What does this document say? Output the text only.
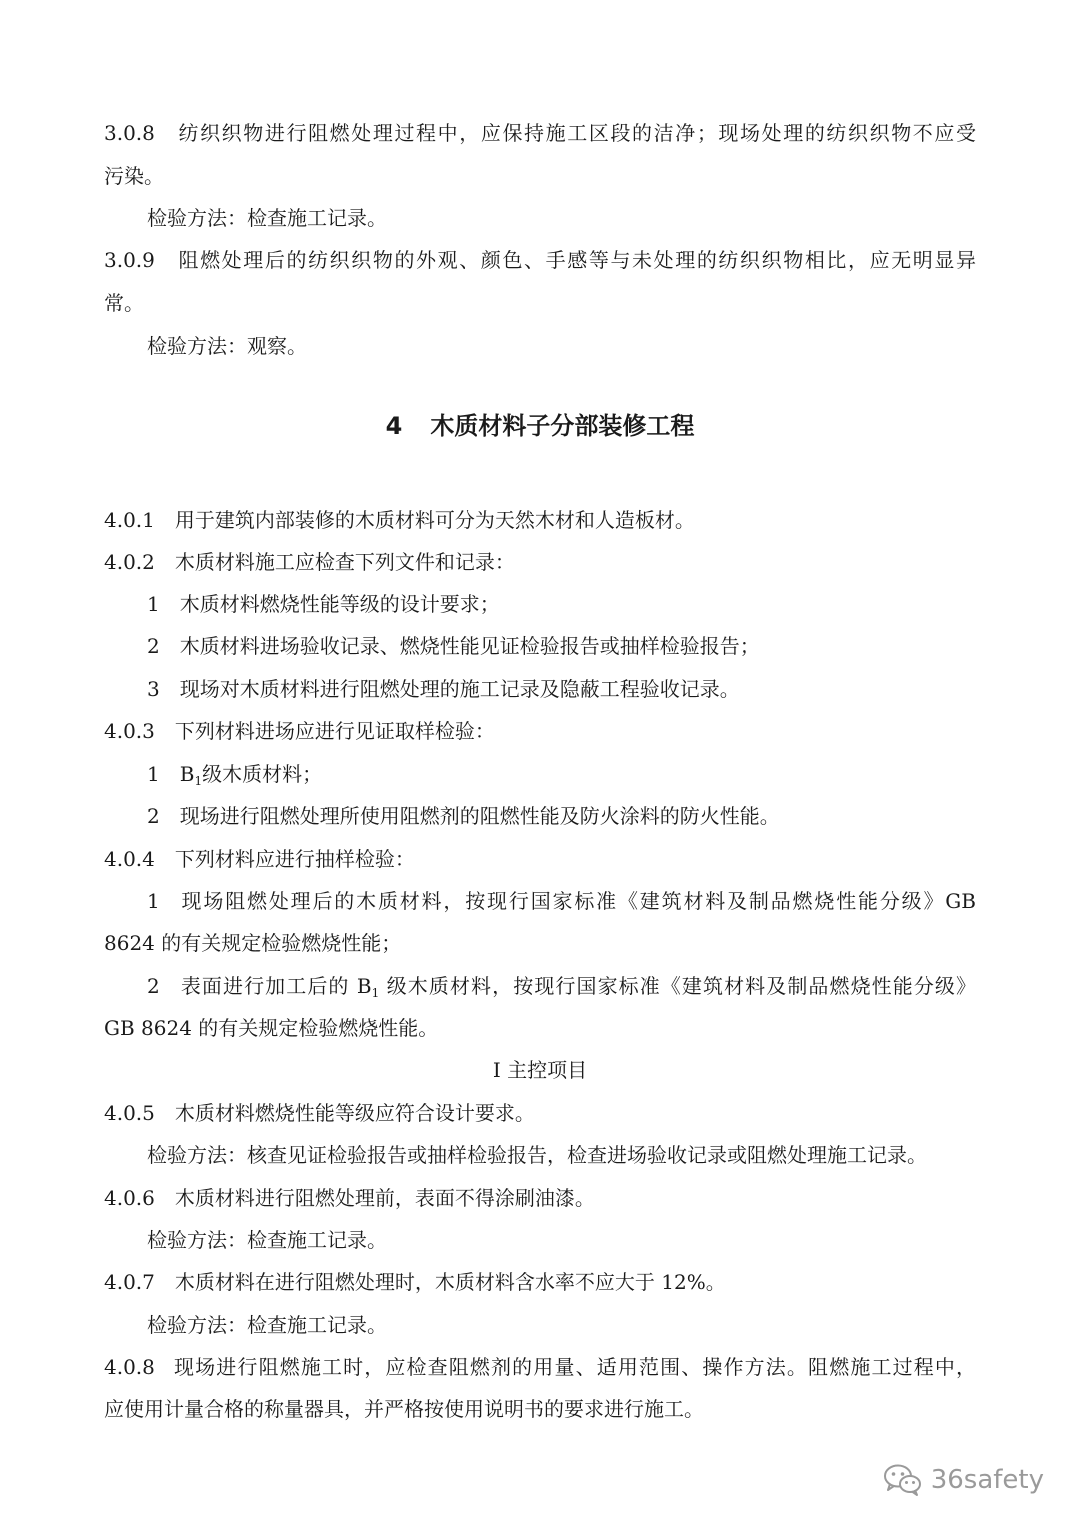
3.0.8 纺织织物进行阻燃处理过程中，应保持施工区段的洁净；现场处理的纺织织物不应受
污染。
检验方法：检查施工记录。
3.0.9 阻燃处理后的纺织织物的外观、颜色、手感等与未处理的纺织织物相比，应无明显异
常。
检验方法：观察。
4 木质材料子分部装修工程
4.0.1 用于建筑内部装修的木质材料可分为天然木材和人造板材。
4.0.2 木质材料施工应检查下列文件和记录：
1 木质材料燃烧性能等级的设计要求；
2 木质材料进场验收记录、燃烧性能见证检验报告或抽样检验报告；
3 现场对木质材料进行阻燃处理的施工记录及隐蔽工程验收记录。
4.0.3 下列材料进场应进行见证取样检验：
1 $B_1$级木质材料；
2 现场进行阻燃处理所使用阻燃剂的阻燃性能及防火涂料的防火性能。
4.0.4 下列材料应进行抽样检验：
1 现场阻燃处理后的木质材料，按现行国家标准《建筑材料及制品燃烧性能分级》GB
8624 的有关规定检验燃烧性能；
2 表面进行加工后的 $B_1$ 级木质材料，按现行国家标准《建筑材料及制品燃烧性能分级》
GB 8624 的有关规定检验燃烧性能。
I 主控项目
4.0.5 木质材料燃烧性能等级应符合设计要求。
检验方法：核查见证检验报告或抽样检验报告，检查进场验收记录或阻燃处理施工记录。
4.0.6 木质材料进行阻燃处理前，表面不得涂刷油漆。
检验方法：检查施工记录。
4.0.7 木质材料在进行阻燃处理时，木质材料含水率不应大于 12%。
检验方法：检查施工记录。
4.0.8 现场进行阻燃施工时，应检查阻燃剂的用量、适用范围、操作方法。阻燃施工过程中，
应使用计量合格的称量器具，并严格按使用说明书的要求进行施工。
36safety
